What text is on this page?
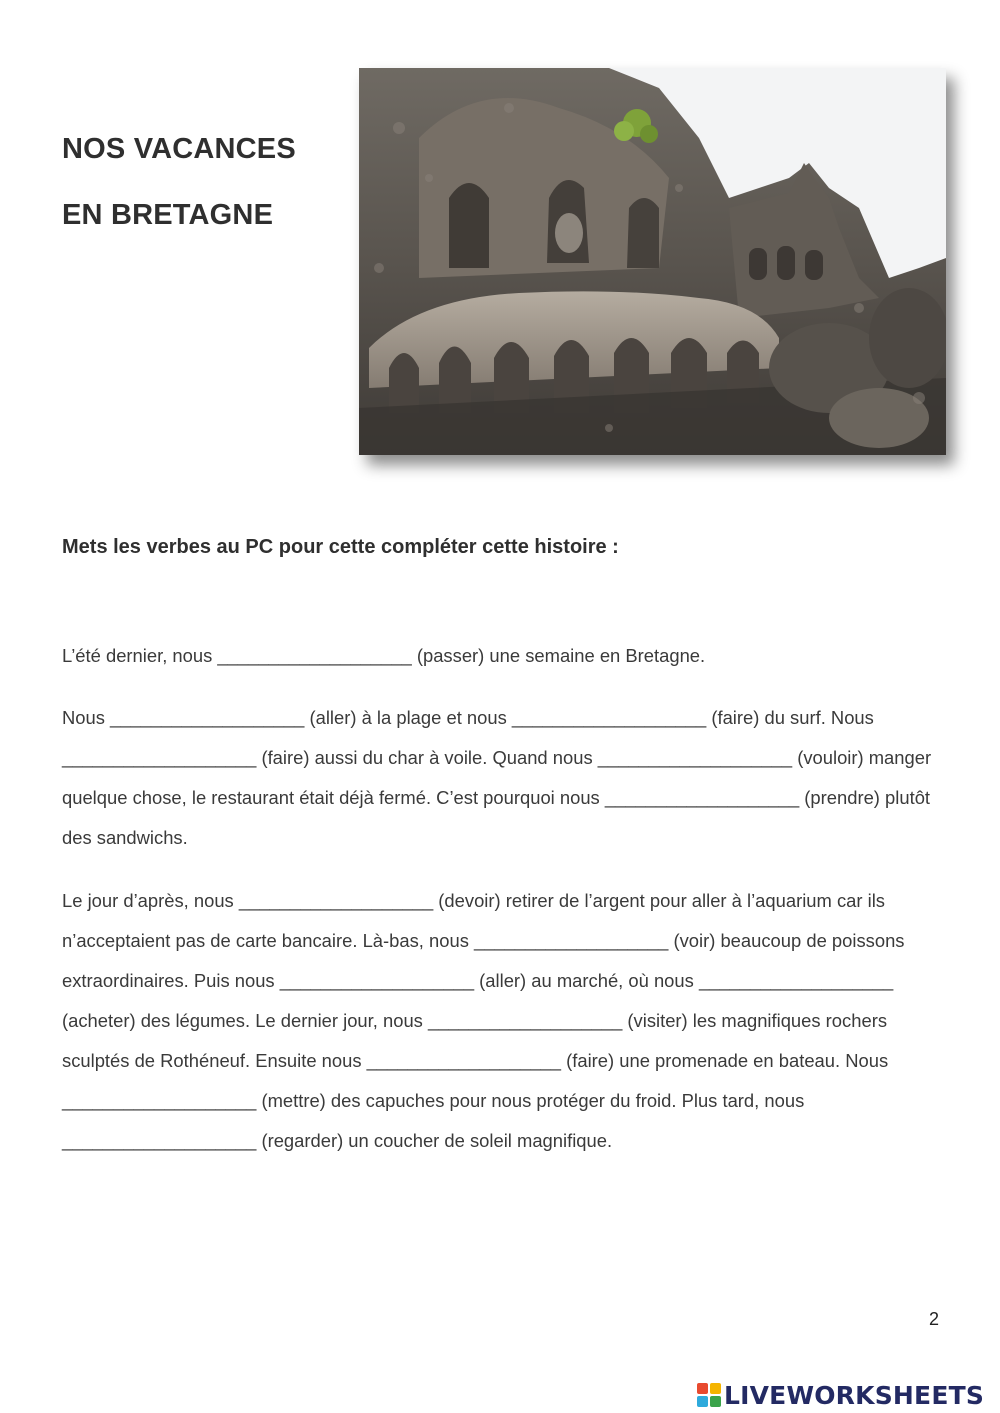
NOS VACANCES
EN BRETAGNE
Mets les verbes au PC pour cette compléter cette histoire :

L’été dernier, nous ___________________ (passer) une semaine en Bretagne.

Nous ___________________ (aller) à la plage et nous ___________________ (faire) du surf. Nous ___________________ (faire) aussi du char à voile. Quand nous ___________________ (vouloir) manger quelque chose, le restaurant était déjà fermé. C’est pourquoi nous ___________________ (prendre) plutôt des sandwichs.

Le jour d’après, nous ___________________ (devoir) retirer de l’argent pour aller à l’aquarium car ils n’acceptaient pas de carte bancaire. Là-bas, nous ___________________ (voir) beaucoup de poissons extraordinaires. Puis nous ___________________ (aller) au marché, où nous ___________________ (acheter) des légumes. Le dernier jour, nous ___________________ (visiter) les magnifiques rochers sculptés de Rothéneuf. Ensuite nous ___________________ (faire) une promenade en bateau. Nous ___________________ (mettre) des capuches pour nous protéger du froid. Plus tard, nous ___________________ (regarder) un coucher de soleil magnifique.

2
LIVEWORKSHEETS
